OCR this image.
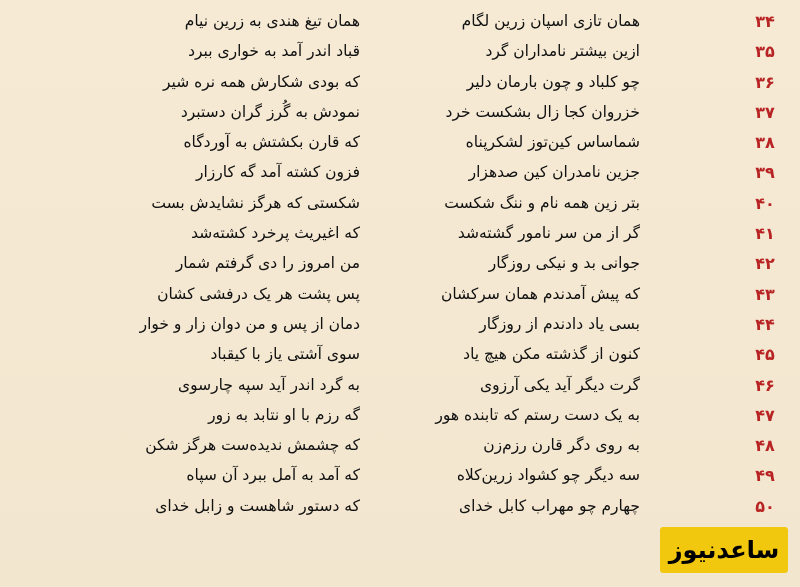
۳۴
همان تازی اسپان زرین لگام
همان تیغ هندی به زرین نیام
۳۵
ازین بیشتر نامداران گرد
قباد اندر آمد به خواری ببرد
۳۶
چو کلباد و چون بارمان دلیر
که بودی شکارش همه نره شیر
۳۷
خزروان کجا زال بشکست خرد
نمودش به گُرز گران دستبرد
۳۸
شماساس کین‌توز لشکرپناه
که قارن بکشتش به آوردگاه
۳۹
جزین نامدران کین صدهزار
فزون کشته آمد گه کارزار
۴۰
بتر زین همه نام و ننگ شکست
شکستی که هرگز نشایدش بست
۴۱
گر از من سر نامور گشته‌شد
که اغیریث پرخرد کشته‌شد
۴۲
جوانی بد و نیکی روزگار
من امروز را دی گرفتم شمار
۴۳
که پیش آمدندم همان سرکشان
پس پشت هر یک درفشی کشان
۴۴
بسی یاد دادندم از روزگار
دمان از پس و من دوان زار و خوار
۴۵
کنون از گذشته مکن هیچ یاد
سوی آشتی یاز با کیقباد
۴۶
گرت دیگر آید یکی آرزوی
به گرد اندر آید سپه چارسوی
۴۷
به یک دست رستم که تابنده هور
گه رزم با او نتابد به زور
۴۸
به روی دگر قارن رزم‌زن
که چشمش ندیده‌ست هرگز شکن
۴۹
سه دیگر چو کشواد زرین‌کلاه
که آمد به آمل ببرد آن سپاه
۵۰
چهارم چو مهراب کابل خدای
که دستور شاهست و زابل خدای
ساعدنیوز
